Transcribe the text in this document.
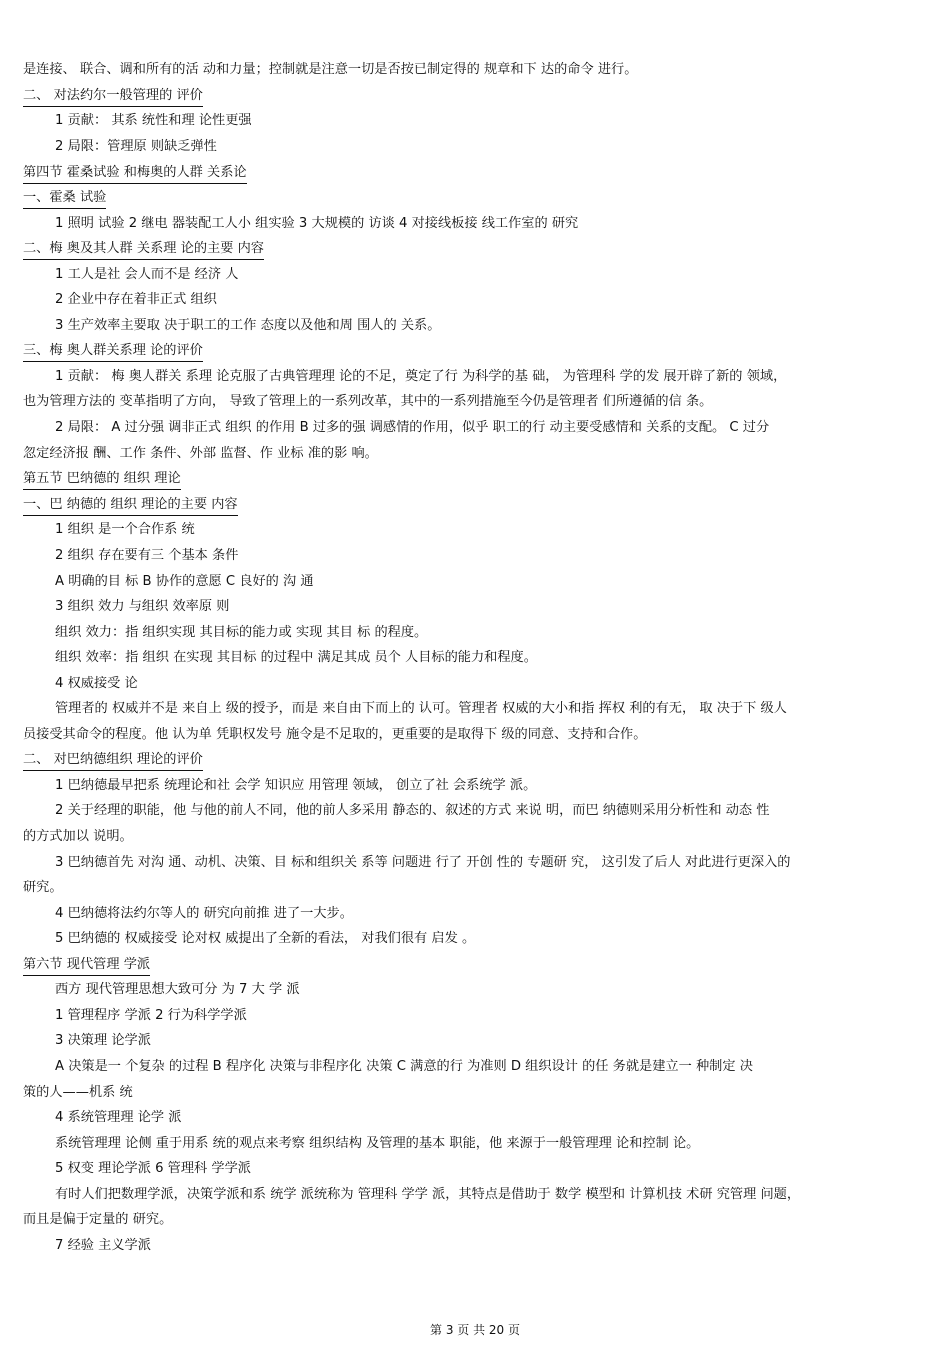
是连接、 联合、调和所有的活 动和力量；控制就是注意一切是否按已制定得的 规章和下 达的命令 进行。
二、 对法约尔一般管理的 评价
1 贡献： 其系 统性和理 论性更强
2 局限：管理原 则缺乏弹性
第四节 霍桑试验 和梅奥的人群 关系论
一、霍桑 试验
1 照明 试验 2 继电 器装配工人小 组实验 3 大规模的 访谈 4 对接线板接 线工作室的 研究
二、梅 奥及其人群 关系理 论的主要 内容
1 工人是社 会人而不是 经济 人
2 企业中存在着非正式 组织
3 生产效率主要取 决于职工的工作 态度以及他和周 围人的 关系。
三、梅 奥人群关系理 论的评价
1 贡献： 梅 奥人群关 系理 论克服了古典管理理 论的不足，奠定了行 为科学的基 础， 为管理科 学的发 展开辟了新的 领域，
也为管理方法的 变革指明了方向， 导致了管理上的一系列改革，其中的一系列措施至今仍是管理者 们所遵循的信 条。
2 局限： A 过分强 调非正式 组织 的作用 B 过多的强 调感情的作用，似乎 职工的行 动主要受感情和 关系的支配。 C 过分
忽定经济报 酬、工作 条件、外部 监督、作 业标 准的影 响。
第五节 巴纳德的 组织 理论
一、巴 纳德的 组织 理论的主要 内容
1 组织 是一个合作系 统
2 组织 存在要有三 个基本 条件
A 明确的目 标 B 协作的意愿 C 良好的 沟 通
3 组织 效力 与组织 效率原 则
组织 效力：指 组织实现 其目标的能力或 实现 其目 标 的程度。
组织 效率：指 组织 在实现 其目标 的过程中 满足其成 员个 人目标的能力和程度。
4 权威接受 论
管理者的 权威并不是 来自上 级的授予，而是 来自由下而上的 认可。管理者 权威的大小和指 挥权 利的有无， 取 决于下 级人
员接受其命令的程度。他 认为单 凭职权发号 施令是不足取的，更重要的是取得下 级的同意、支持和合作。
二、 对巴纳德组织 理论的评价
1 巴纳德最早把系 统理论和社 会学 知识应 用管理 领域， 创立了社 会系统学 派。
2 关于经理的职能，他 与他的前人不同，他的前人多采用 静态的、叙述的方式 来说 明，而巴 纳德则采用分析性和 动态 性
的方式加以 说明。
3 巴纳德首先 对沟 通、动机、决策、目 标和组织关 系等 问题进 行了 开创 性的 专题研 究， 这引发了后人 对此进行更深入的
研究。
4 巴纳德将法约尔等人的 研究向前推 进了一大步。
5 巴纳德的 权威接受 论对权 威提出了全新的看法， 对我们很有 启发 。
第六节 现代管理 学派
西方 现代管理思想大致可分 为 7 大 学 派
1 管理程序 学派 2 行为科学学派
3 决策理 论学派
A 决策是一 个复杂 的过程 B 程序化 决策与非程序化 决策 C 满意的行 为准则 D 组织设计 的任 务就是建立一 种制定 决
策的人——机系 统
4 系统管理理 论学 派
系统管理理 论侧 重于用系 统的观点来考察 组织结构 及管理的基本 职能，他 来源于一般管理理 论和控制 论。
5 权变 理论学派 6 管理科 学学派
有时人们把数理学派，决策学派和系 统学 派统称为 管理科 学学 派，其特点是借助于 数学 模型和 计算机技 术研 究管理 问题，
而且是偏于定量的 研究。
7 经验 主义学派
第 3 页 共 20 页
